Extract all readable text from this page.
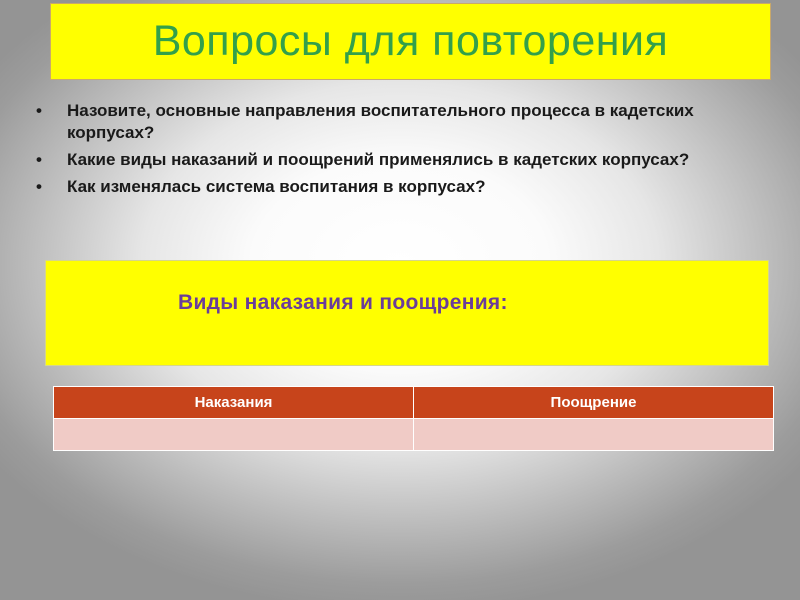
Вопросы для повторения
• Назовите, основные направления воспитательного процесса в кадетских корпусах?
• Какие виды наказаний и поощрений применялись в кадетских корпусах?
• Как изменялась система воспитания в корпусах?
Виды наказания и поощрения:
Наказания	Поощрение
